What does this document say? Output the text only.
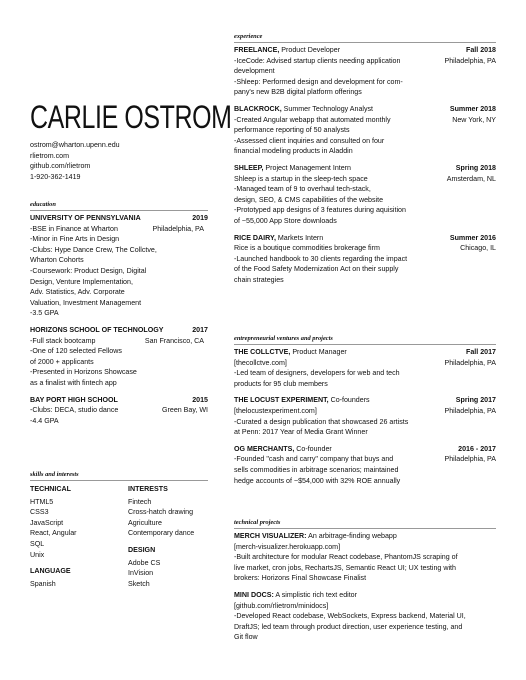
CARLIE OSTROM
ostrom@wharton.upenn.edu
rlietrom.com
github.com/rlietrom
1-920-362-1419
education
UNIVERSITY OF PENNSYLVANIA	2019
-BSE in Finance at Wharton	Philadelphia, PA
-Minor in Fine Arts in Design
-Clubs: Hype Dance Crew, The Collctve,
Wharton Cohorts
-Coursework: Product Design, Digital
Design, Venture Implementation,
Adv. Statistics, Adv. Corporate
Valuation, Investment Management
-3.5 GPA
HORIZONS SCHOOL OF TECHNOLOGY	2017
-Full stack bootcamp	San Francisco, CA
-One of 120 selected Fellows
of 2000 + applicants
-Presented in Horizons Showcase
as a finalist with fintech app
BAY PORT HIGH SCHOOL	2015
-Clubs: DECA, studio dance	Green Bay, WI
-4.4 GPA
skills and interests
TECHNICAL
HTML5
CSS3
JavaScript
React, Angular
SQL
Unix
LANGUAGE
Spanish
INTERESTS
Fintech
Cross-hatch drawing
Agriculture
Contemporary dance
DESIGN
Adobe CS
InVision
Sketch
experience
FREELANCE, Product Developer	Fall 2018
-IceCode: Advised startup clients needing application	Philadelphia, PA
development
-Shleep: Performed design and development for com-
pany's new B2B digital platform offerings
BLACKROCK, Summer Technology Analyst	Summer 2018
-Created Angular webapp that automated monthly	New York, NY
performance reporting of 50 analysts
-Assessed client inquiries and consulted on four
financial modeling products in Aladdin
SHLEEP, Project Management Intern	Spring 2018
Shleep is a startup in the sleep-tech space	Amsterdam, NL
-Managed team of 9 to overhaul tech-stack,
design, SEO, & CMS capabilities of the website
-Prototyped app designs of 3 features during aquisition
of ~55,000 App Store downloads
RICE DAIRY, Markets Intern	Summer 2016
Rice is a boutique commodities brokerage firm	Chicago, IL
-Launched handbook to 30 clients regarding the impact
of the Food Safety Modernization Act on their supply
chain strategies
entrepreneurial ventures and projects
THE COLLCTVE, Product Manager	Fall 2017
[thecollctve.com]	Philadelphia, PA
-Led team of designers, developers for web and tech
products for 95 club members
THE LOCUST EXPERIMENT, Co-founders	Spring 2017
[thelocustexperiment.com]	Philadelphia, PA
-Curated a design publication that showcased 26 artists
at Penn: 2017 Year of Media Grant Winner
OG MERCHANTS, Co-founder	2016 - 2017
-Founded "cash and carry" company that buys and	Philadelphia, PA
sells commodities in arbitrage scenarios; maintained
hedge accounts of ~$54,000 with 32% ROE annually
technical projects
MERCH VISUALIZER: An arbitrage-finding webapp
[merch-visualizer.herokuapp.com]
-Built architecture for modular React codebase, PhantomJS scraping of
live market, cron jobs, RechartsJS, Semantic React UI; UX testing with
brokers: Horizons Final Showcase Finalist
MINI DOCS: A simplistic rich text editor
[github.com/rlietrom/minidocs]
-Developed React codebase, WebSockets, Express backend, Material UI,
DraftJS; led team through product direction, user experience testing, and
Git flow
